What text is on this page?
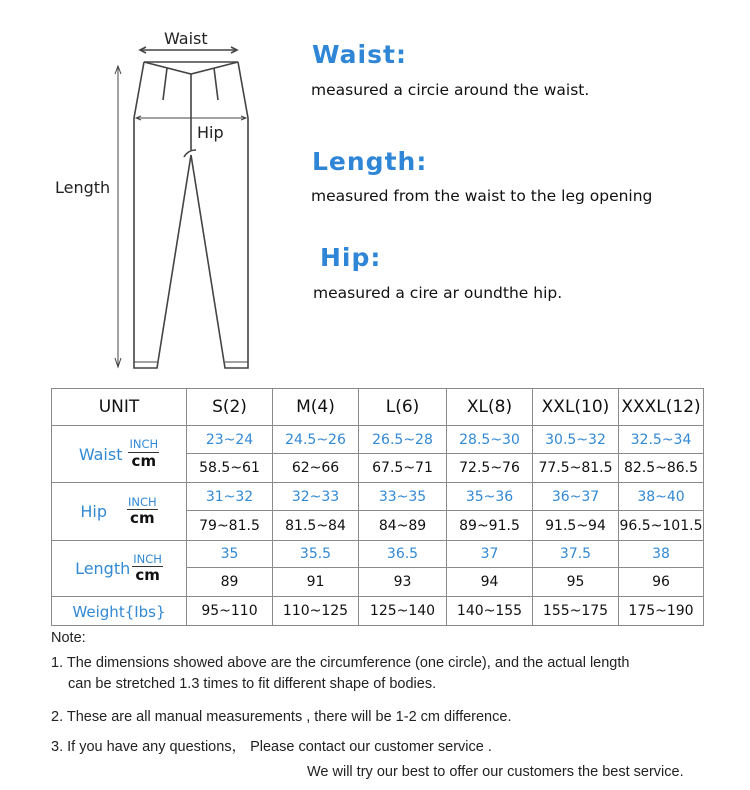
Waist
Hip
Length
Waist:
measured a circie around the waist.
Length:
measured from the waist to the leg opening
Hip:
measured a cire ar oundthe hip.
UNIT	S(2)	M(4)	L(6)	XL(8)	XXL(10)	XXXL(12)

Waist $\frac{\text{INCH}}{cm}$	23~24	24.5~26	26.5~28	28.5~30	30.5~32	32.5~34
	58.5~61	62~66	67.5~71	72.5~76	77.5~81.5	82.5~86.5

Hip $\frac{\text{INCH}}{cm}$	31~32	32~33	33~35	35~36	36~37	38~40
	79~81.5	81.5~84	84~89	89~91.5	91.5~94	96.5~101.5

Length $\frac{\text{INCH}}{cm}$	35	35.5	36.5	37	37.5	38
	89	91	93	94	95	96
Weight{Ibs}	95~110	110~125	125~140	140~155	155~175	175~190
Note:
1. The dimensions showed above are the circumference (one circle), and the actual length
can be stretched 1.3 times to fit different shape of bodies.
2. These are all manual measurements , there will be 1-2 cm difference.
3. If you have any questions， Please contact our customer service .
We will try our best to offer our customers the best service.
